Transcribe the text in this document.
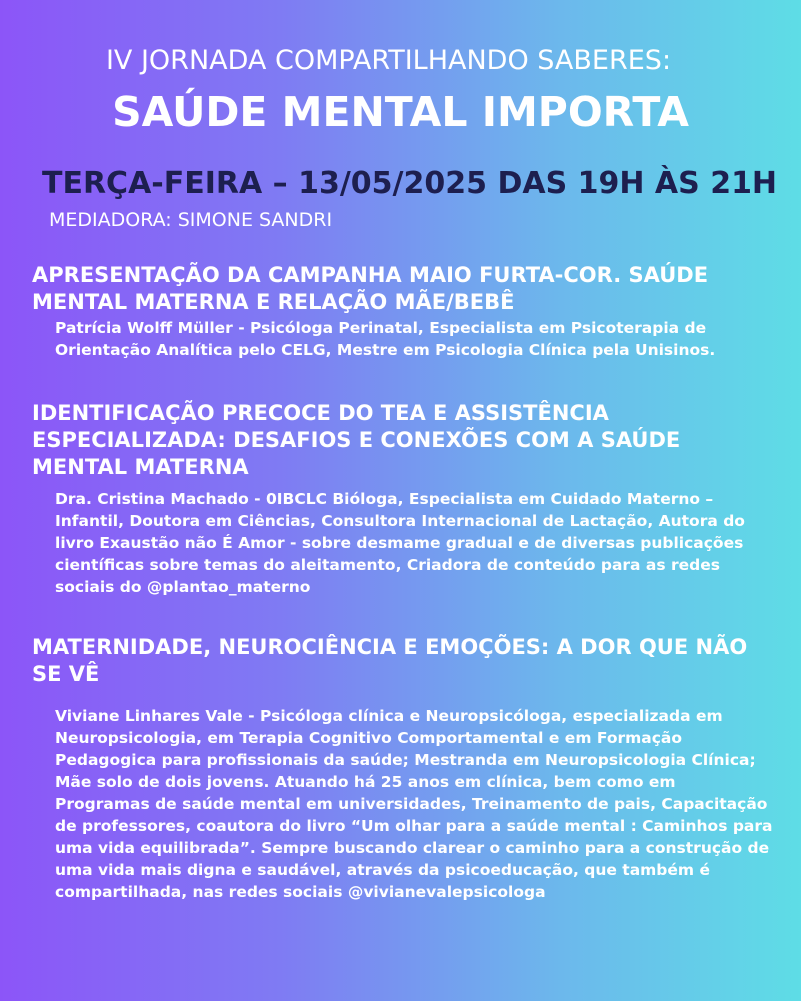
IV JORNADA COMPARTILHANDO SABERES:
SAÚDE MENTAL IMPORTA
TERÇA-FEIRA – 13/05/2025 DAS 19H ÀS 21H
MEDIADORA: SIMONE SANDRI
APRESENTAÇÃO DA CAMPANHA MAIO FURTA-COR. SAÚDE MENTAL MATERNA E RELAÇÃO MÃE/BEBÊ
Patrícia Wolff Müller - Psicóloga Perinatal, Especialista em Psicoterapia de Orientação Analítica pelo CELG, Mestre em Psicologia Clínica pela Unisinos.
IDENTIFICAÇÃO PRECOCE DO TEA E ASSISTÊNCIA ESPECIALIZADA: DESAFIOS E CONEXÕES COM A SAÚDE MENTAL MATERNA
Dra. Cristina Machado - 0IBCLC Bióloga, Especialista em Cuidado Materno – Infantil, Doutora em Ciências, Consultora Internacional de Lactação, Autora do livro Exaustão não É Amor - sobre desmame gradual e de diversas publicações científicas sobre temas do aleitamento, Criadora de conteúdo para as redes sociais do @plantao_materno
MATERNIDADE, NEUROCIÊNCIA E EMOÇÕES: A DOR QUE NÃO SE VÊ
Viviane Linhares Vale - Psicóloga clínica e Neuropsicóloga, especializada em Neuropsicologia, em Terapia Cognitivo Comportamental e em Formação Pedagogica para profissionais da saúde; Mestranda em Neuropsicologia Clínica; Mãe solo de dois jovens. Atuando há 25 anos em clínica, bem como em Programas de saúde mental em universidades, Treinamento de pais, Capacitação de professores, coautora do livro “Um olhar para a saúde mental : Caminhos para uma vida equilibrada”. Sempre buscando clarear o caminho para a construção de uma vida mais digna e saudável, através da psicoeducação, que também é compartilhada, nas redes sociais @vivianevalepsicologa
